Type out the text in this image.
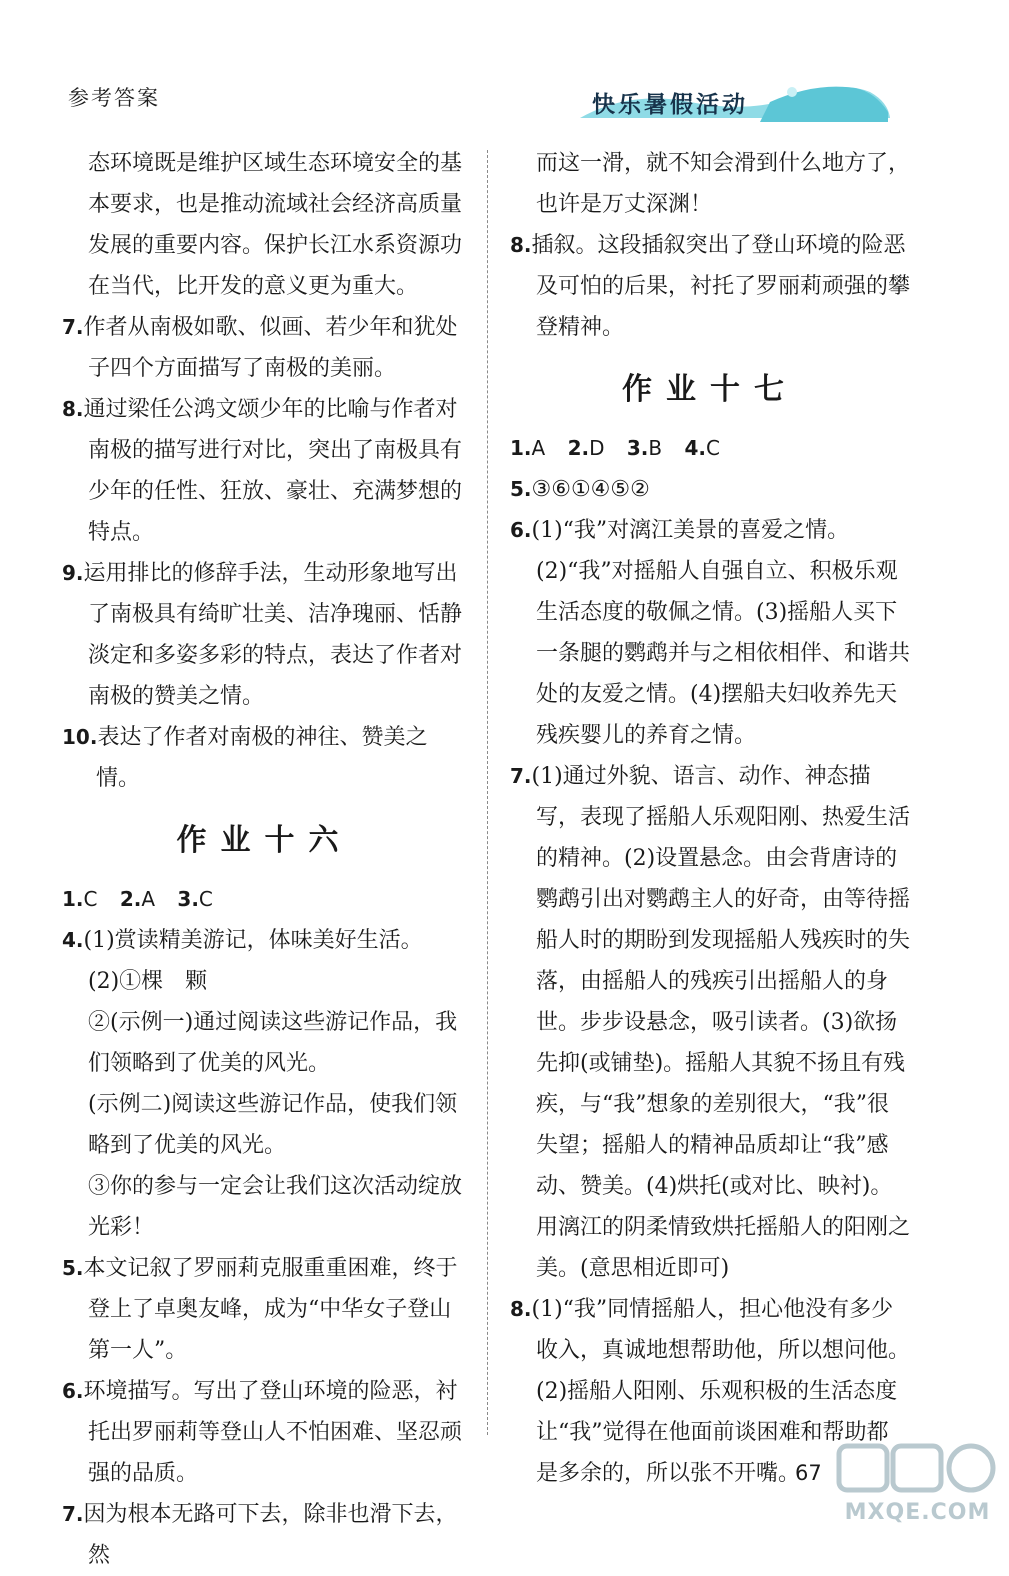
参考答案	快乐暑假活动
态环境既是维护区域生态环境安全的基本要求，也是推动流域社会经济高质量发展的重要内容。保护长江水系资源功在当代，比开发的意义更为重大。
7.作者从南极如歌、似画、若少年和犹处子四个方面描写了南极的美丽。
8.通过梁任公鸿文颂少年的比喻与作者对南极的描写进行对比，突出了南极具有少年的任性、狂放、豪壮、充满梦想的特点。
9.运用排比的修辞手法，生动形象地写出了南极具有绮旷壮美、洁净瑰丽、恬静淡定和多姿多彩的特点，表达了作者对南极的赞美之情。
10.表达了作者对南极的神往、赞美之情。
作业十六
1.C 2.A 3.C
4.(1)赏读精美游记，体味美好生活。
(2)①棵　颗
②(示例一)通过阅读这些游记作品，我们领略到了优美的风光。
(示例二)阅读这些游记作品，使我们领略到了优美的风光。
③你的参与一定会让我们这次活动绽放光彩！
5.本文记叙了罗丽莉克服重重困难，终于登上了卓奥友峰，成为“中华女子登山第一人”。
6.环境描写。写出了登山环境的险恶，衬托出罗丽莉等登山人不怕困难、坚忍顽强的品质。
7.因为根本无路可下去，除非也滑下去，然
而这一滑，就不知会滑到什么地方了，也许是万丈深渊！
8.插叙。这段插叙突出了登山环境的险恶及可怕的后果，衬托了罗丽莉顽强的攀登精神。
作业十七
1.A 2.D 3.B 4.C
5.③⑥①④⑤②
6.(1)“我”对漓江美景的喜爱之情。(2)“我”对摇船人自强自立、积极乐观生活态度的敬佩之情。(3)摇船人买下一条腿的鹦鹉并与之相依相伴、和谐共处的友爱之情。(4)摆船夫妇收养先天残疾婴儿的养育之情。
7.(1)通过外貌、语言、动作、神态描写，表现了摇船人乐观阳刚、热爱生活的精神。(2)设置悬念。由会背唐诗的鹦鹉引出对鹦鹉主人的好奇，由等待摇船人时的期盼到发现摇船人残疾时的失落，由摇船人的残疾引出摇船人的身世。步步设悬念，吸引读者。(3)欲扬先抑(或铺垫)。摇船人其貌不扬且有残疾，与“我”想象的差别很大，“我”很失望；摇船人的精神品质却让“我”感动、赞美。(4)烘托(或对比、映衬)。用漓江的阴柔情致烘托摇船人的阳刚之美。(意思相近即可)
8.(1)“我”同情摇船人，担心他没有多少收入，真诚地想帮助他，所以想问他。(2)摇船人阳刚、乐观积极的生活态度让“我”觉得在他面前谈困难和帮助都是多余的，所以张不开嘴。
67
MXQE.COM
